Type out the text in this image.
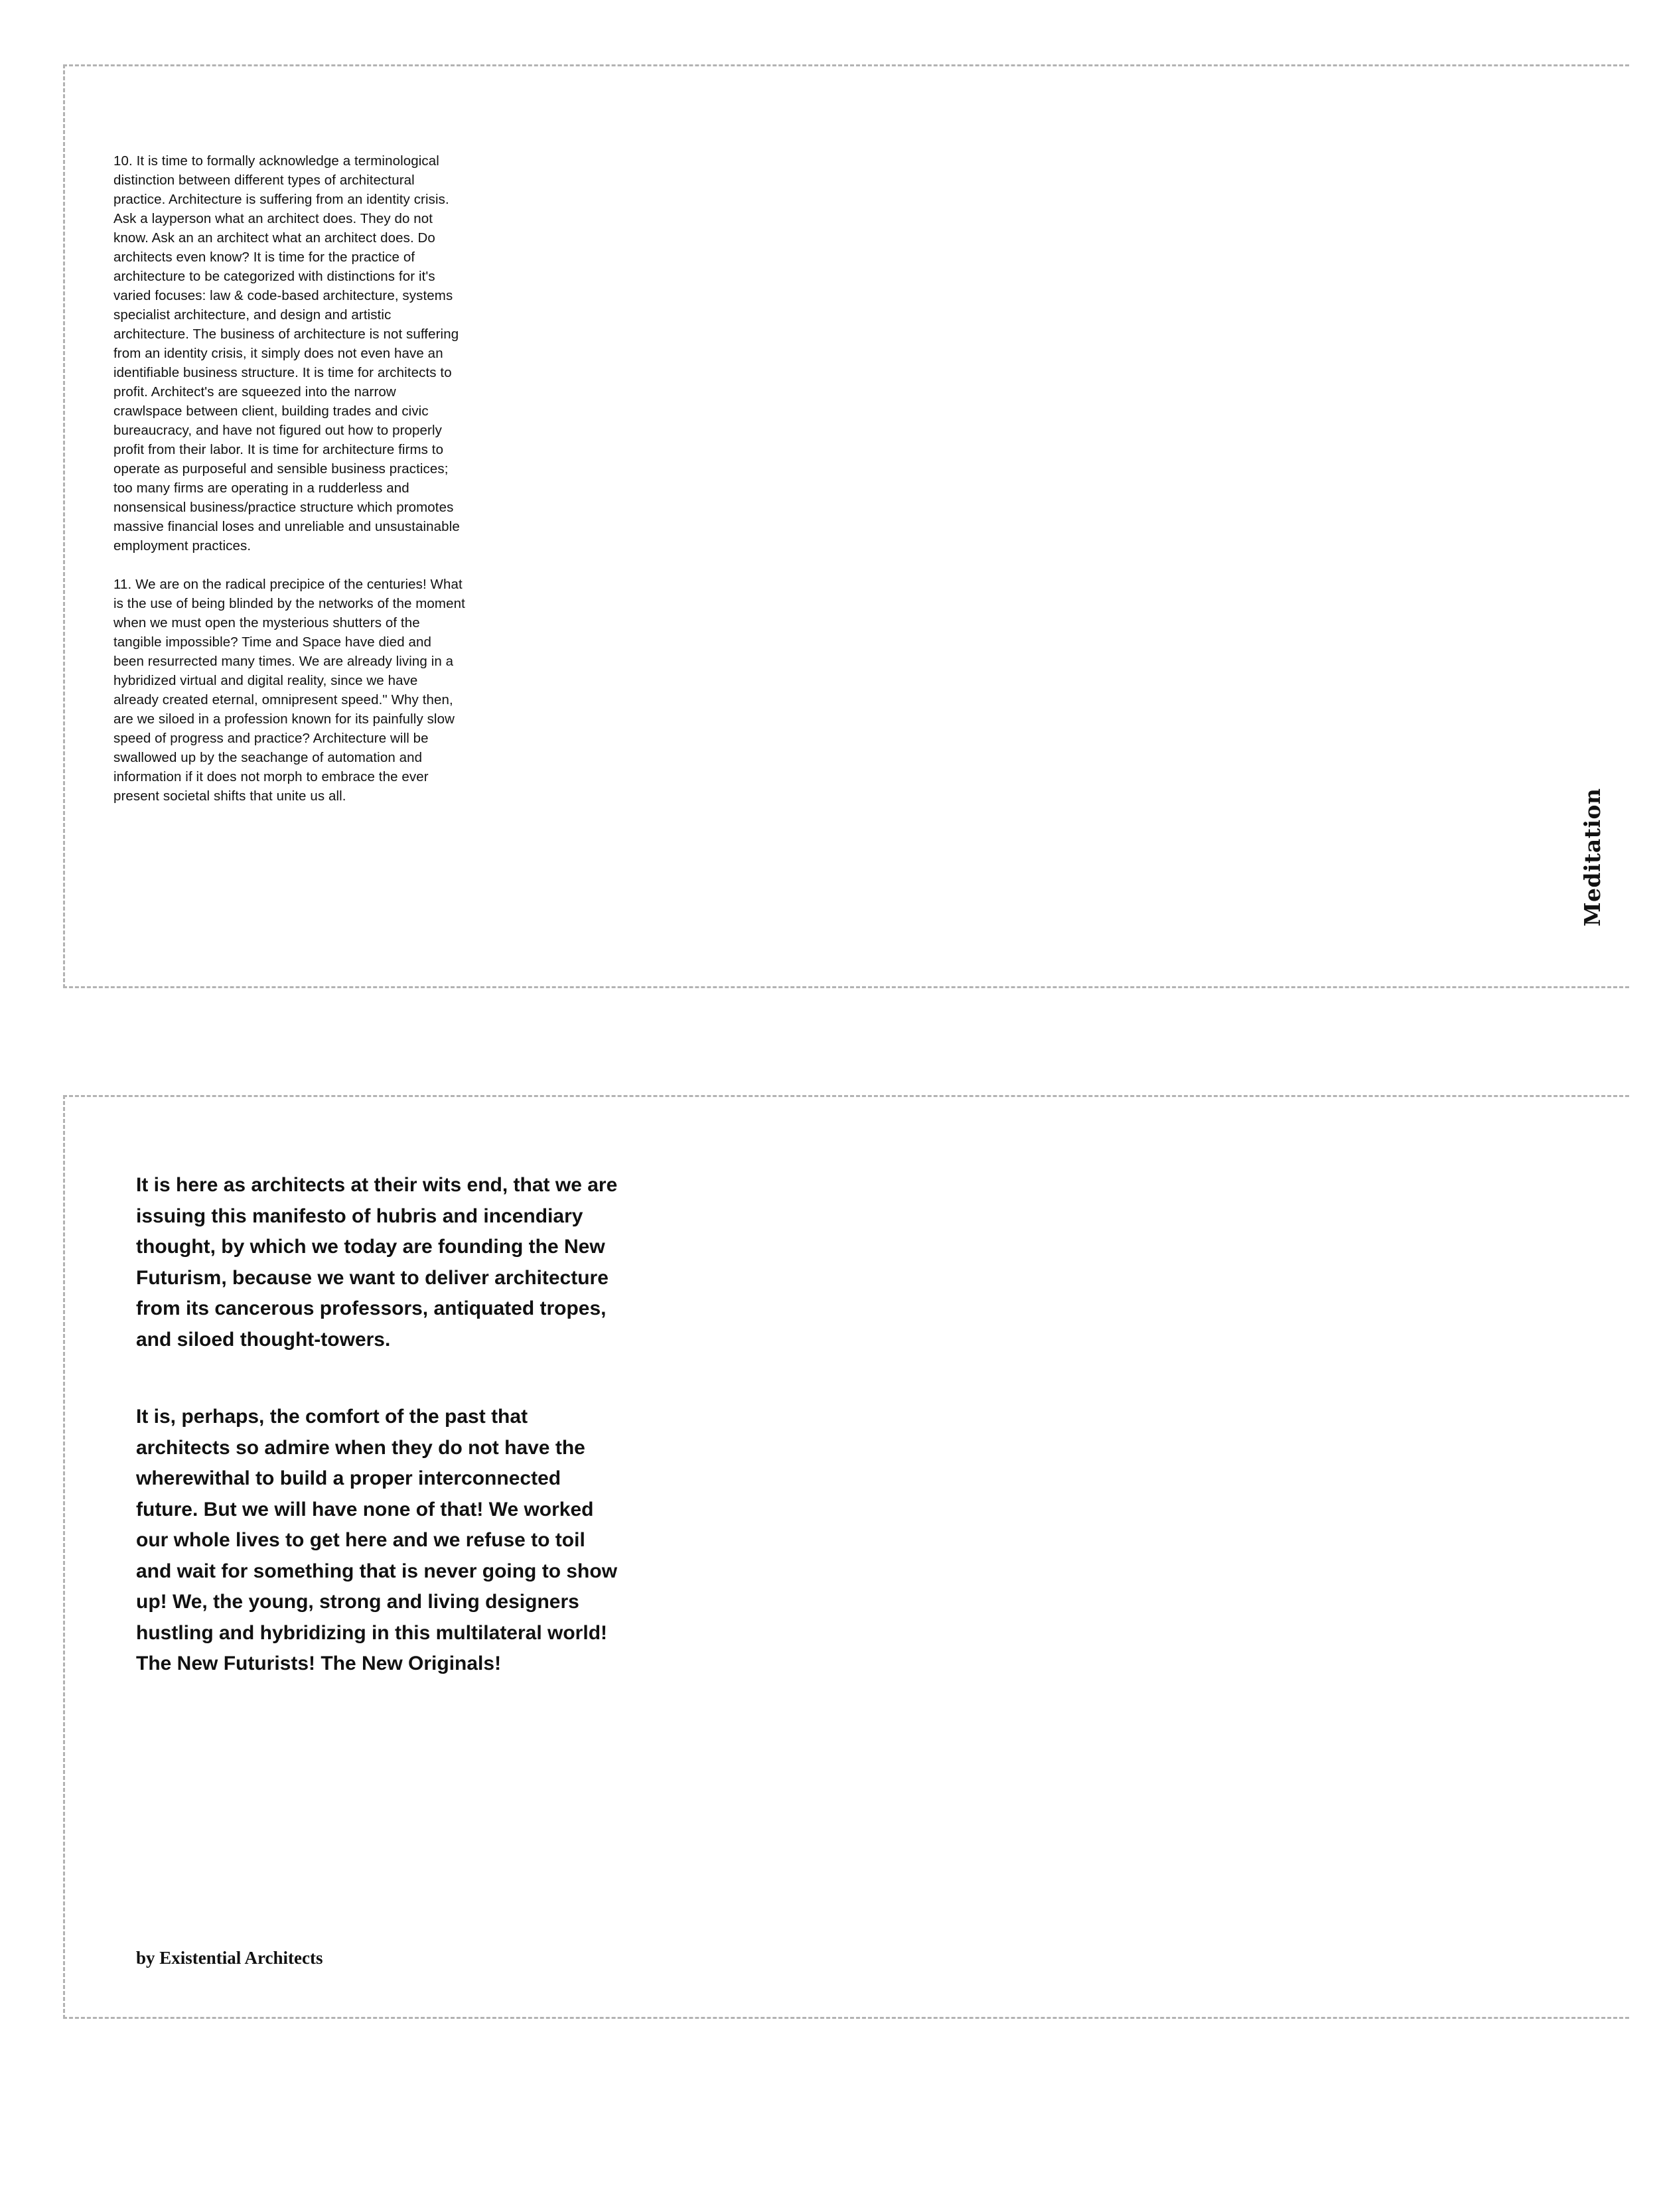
10. It is time to formally acknowledge a terminological distinction between different types of architectural practice. Architecture is suffering from an identity crisis. Ask a layperson what an architect does. They do not know. Ask an an architect what an architect does. Do architects even know? It is time for the practice of architecture to be categorized with distinctions for it's varied focuses: law & code-based architecture, systems specialist architecture, and design and artistic architecture. The business of architecture is not suffering from an identity crisis, it simply does not even have an identifiable business structure. It is time for architects to profit. Architect's are squeezed into the narrow crawlspace between client, building trades and civic bureaucracy, and have not figured out how to properly profit from their labor. It is time for architecture firms to operate as purposeful and sensible business practices; too many firms are operating in a rudderless and nonsensical business/practice structure which promotes massive financial loses and unreliable and unsustainable employment practices.

11. We are on the radical precipice of the centuries! What is the use of being blinded by the networks of the moment when we must open the mysterious shutters of the tangible impossible? Time and Space have died and been resurrected many times. We are already living in a hybridized virtual and digital reality, since we have already created eternal, omnipresent speed." Why then, are we siloed in a profession known for its painfully slow speed of progress and practice? Architecture will be swallowed up by the seachange of automation and information if it does not morph to embrace the ever present societal shifts that unite us all.	Meditation

It is here as architects at their wits end, that we are issuing this manifesto of hubris and incendiary thought, by which we today are founding the New Futurism, because we want to deliver architecture from its cancerous professors, antiquated tropes, and siloed thought-towers.

It is, perhaps, the comfort of the past that architects so admire when they do not have the wherewithal to build a proper interconnected future. But we will have none of that! We worked our whole lives to get here and we refuse to toil and wait for something that is never going to show up! We, the young, strong and living designers hustling and hybridizing in this multilateral world! The New Futurists! The New Originals!

by Existential Architects
